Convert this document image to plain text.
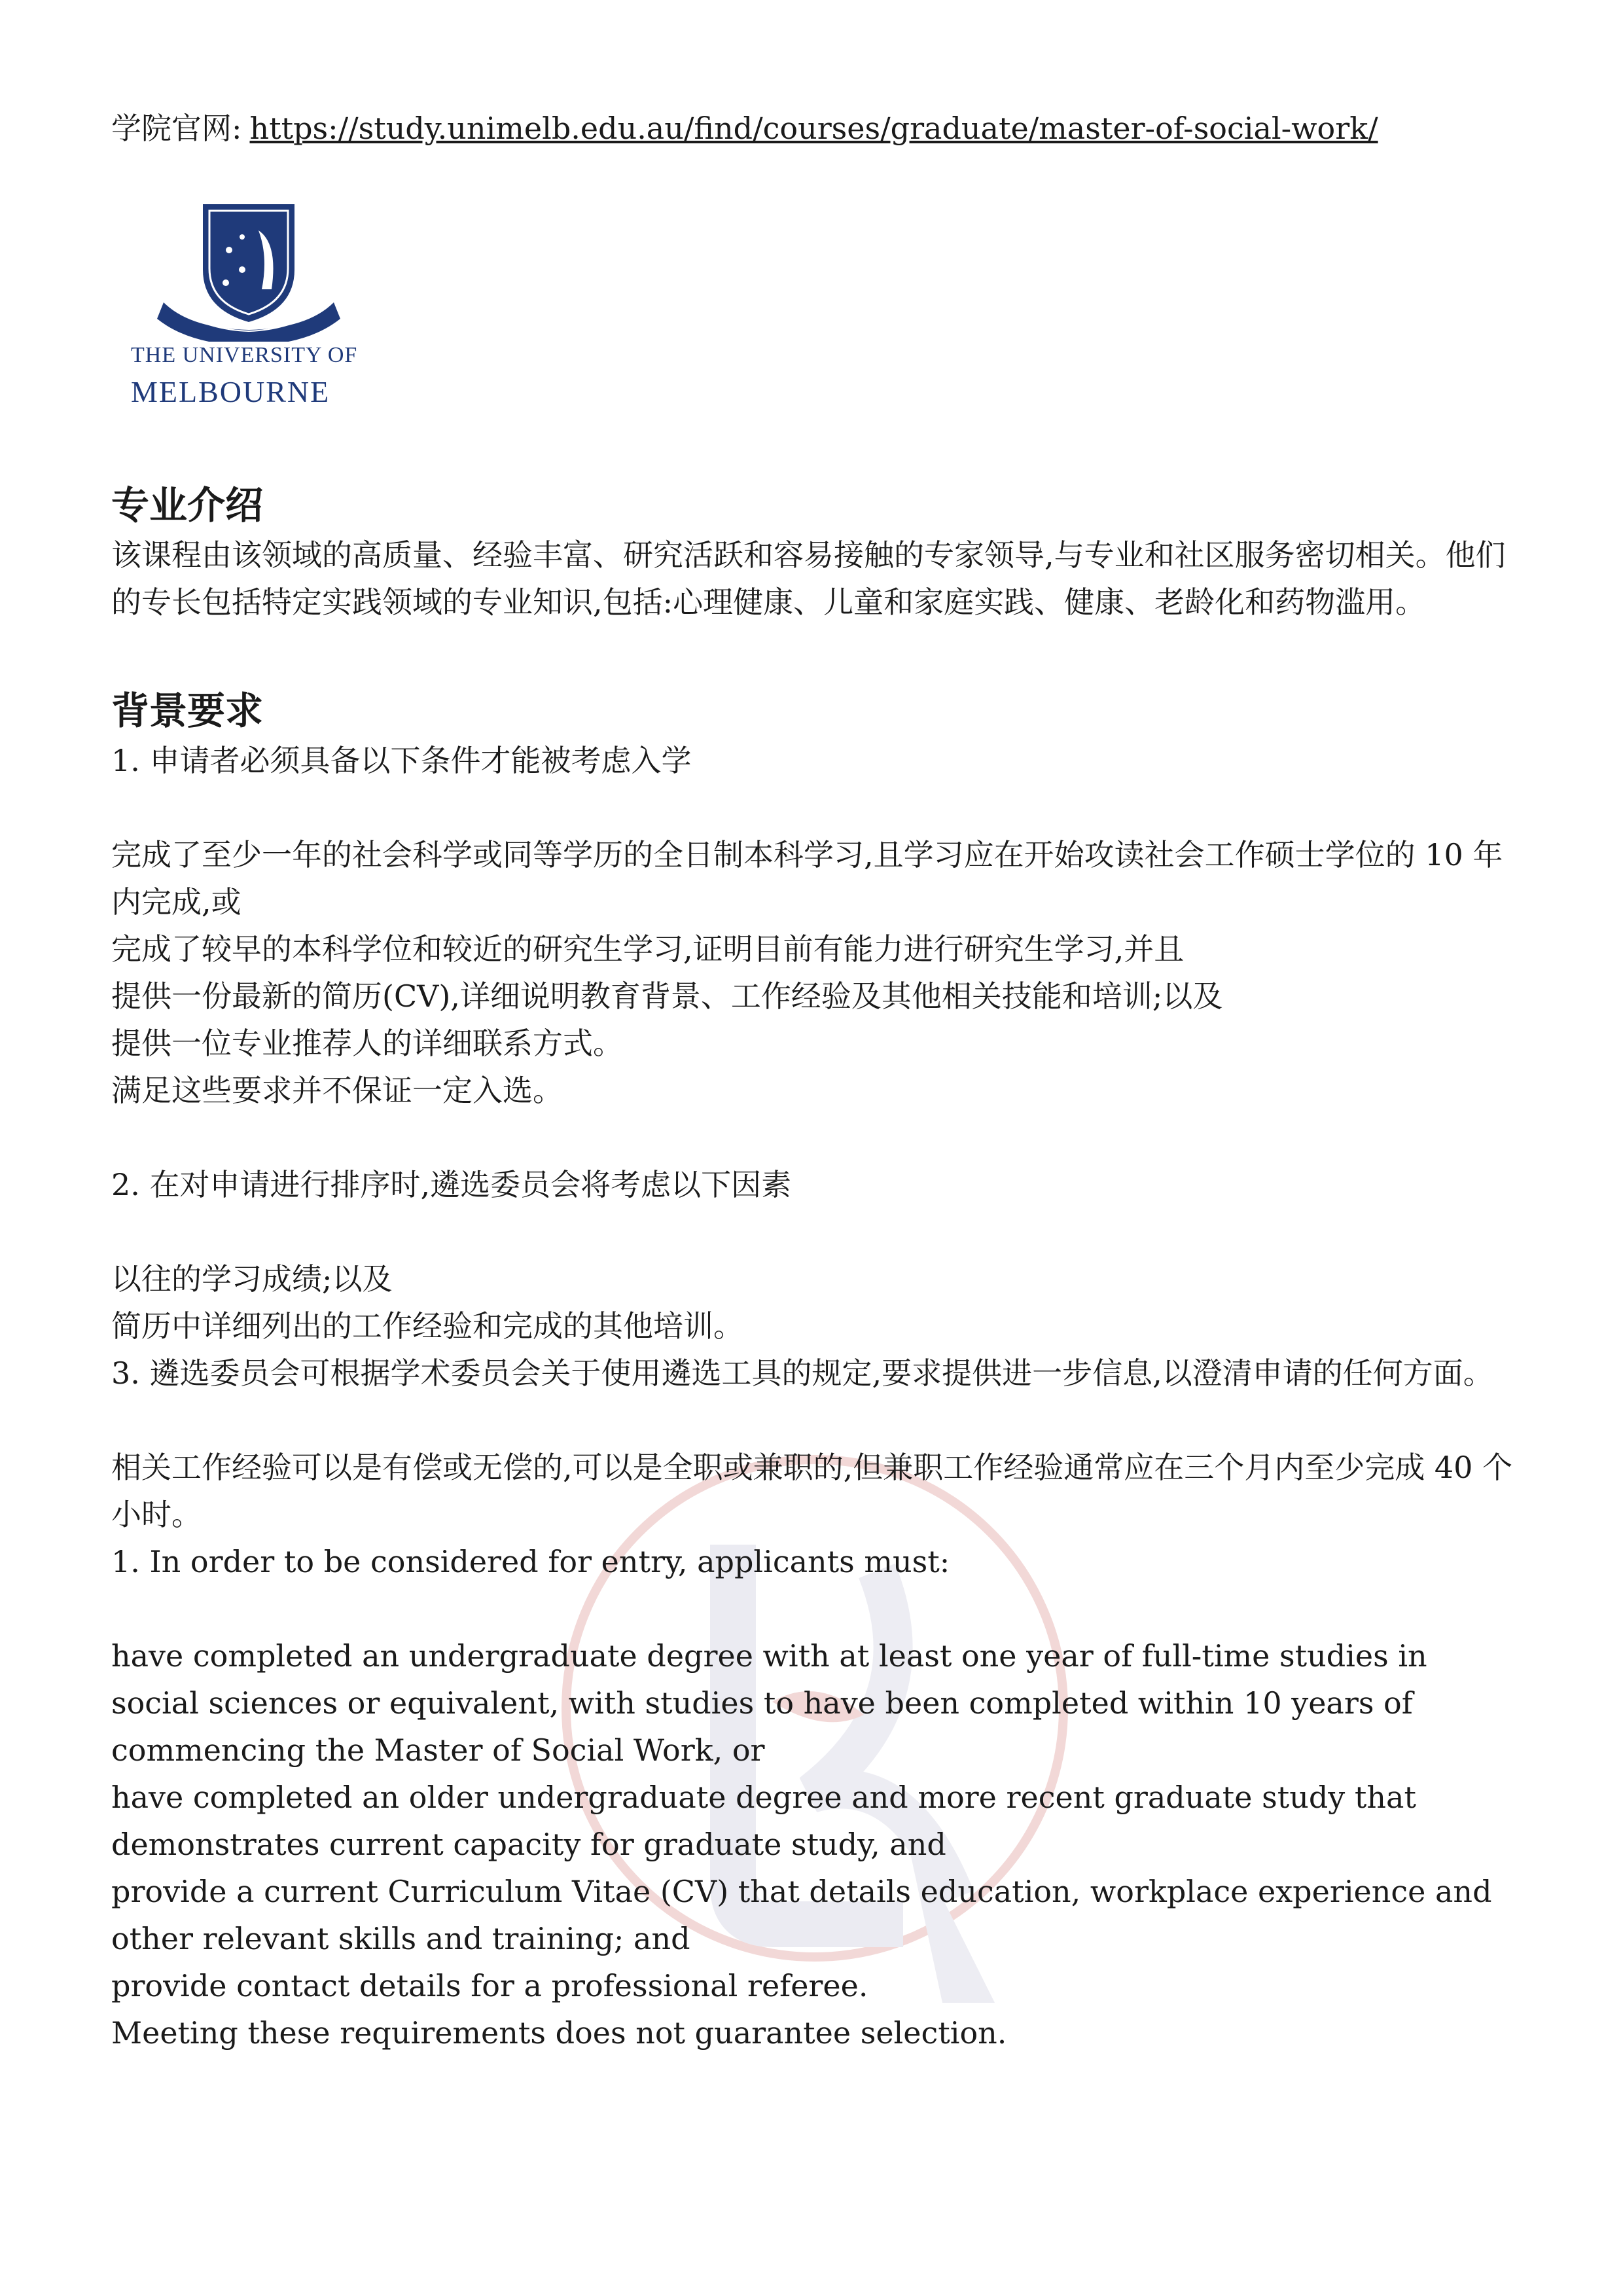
学院官网: https://study.unimelb.edu.au/find/courses/graduate/master-of-social-work/

THE UNIVERSITY OF
MELBOURNE
专业介绍

该课程由该领域的高质量、经验丰富、研究活跃和容易接触的专家领导,与专业和社区服务密切相关。他们的专长包括特定实践领域的专业知识,包括:心理健康、儿童和家庭实践、健康、老龄化和药物滥用。

背景要求

1. 申请者必须具备以下条件才能被考虑入学

完成了至少一年的社会科学或同等学历的全日制本科学习,且学习应在开始攻读社会工作硕士学位的 10 年内完成,或

完成了较早的本科学位和较近的研究生学习,证明目前有能力进行研究生学习,并且

提供一份最新的简历(CV),详细说明教育背景、工作经验及其他相关技能和培训;以及

提供一位专业推荐人的详细联系方式。

满足这些要求并不保证一定入选。

2. 在对申请进行排序时,遴选委员会将考虑以下因素

以往的学习成绩;以及

简历中详细列出的工作经验和完成的其他培训。

3. 遴选委员会可根据学术委员会关于使用遴选工具的规定,要求提供进一步信息,以澄清申请的任何方面。

相关工作经验可以是有偿或无偿的,可以是全职或兼职的,但兼职工作经验通常应在三个月内至少完成 40 个小时。

1. In order to be considered for entry, applicants must:

have completed an undergraduate degree with at least one year of full-time studies in social sciences or equivalent, with studies to have been completed within 10 years of commencing the Master of Social Work, or

have completed an older undergraduate degree and more recent graduate study that demonstrates current capacity for graduate study, and

provide a current Curriculum Vitae (CV) that details education, workplace experience and other relevant skills and training; and

provide contact details for a professional referee.

Meeting these requirements does not guarantee selection.
